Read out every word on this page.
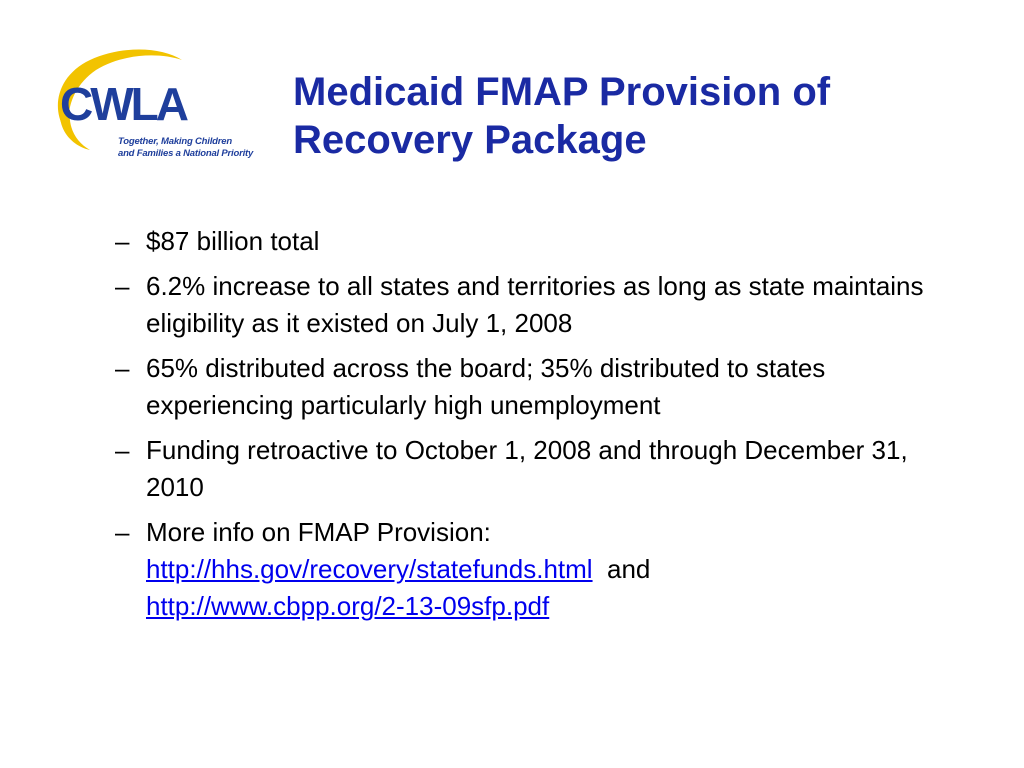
CWLA
Together, Making Children
and Families a National Priority
Medicaid FMAP Provision of
Recovery Package
– $87 billion total
– 6.2% increase to all states and territories as long as state maintains eligibility as it existed on July 1, 2008
– 65% distributed across the board; 35% distributed to states experiencing particularly high unemployment
– Funding retroactive to October 1, 2008 and through December 31, 2010
– More info on FMAP Provision:
http://hhs.gov/recovery/statefunds.html and
http://www.cbpp.org/2-13-09sfp.pdf
